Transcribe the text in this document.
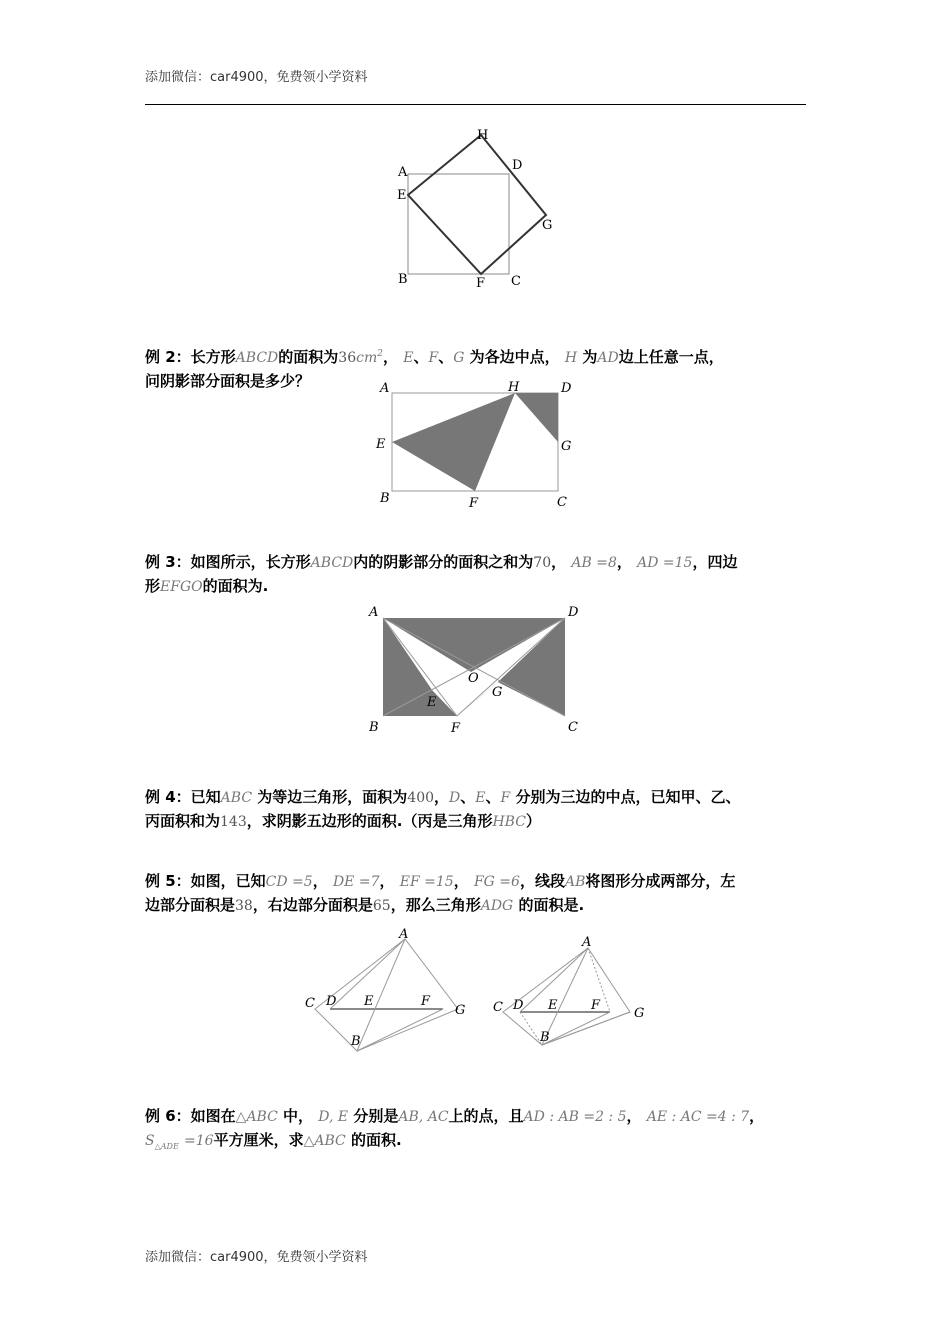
添加微信：car4900，免费领小学资料
A
E
B	F C
H
D
G
例 2：长方形ABCD的面积为$36cm^2$， E、F、G 为各边中点， H 为AD边上任意一点，
问阴影部分面积是多少？	A	H	D
E	G
B	F	C
例 3：如图所示，长方形ABCD内的阴影部分的面积之和为70， AB =8， AD =15，四边
形EFGO的面积为.
A	D
O
G
E
B	F	C
例 4：已知ABC 为等边三角形，面积为400，D、E、F 分别为三边的中点，已知甲、乙、
丙面积和为143，求阴影五边形的面积.（丙是三角形HBC）
例 5：如图，已知CD =5， DE =7， EF =15， FG =6，线段AB将图形分成两部分，左
边部分面积是38，右边部分面积是65，那么三角形ADG 的面积是.
A
C D E	F
G
B
A
C D E	F
G
B
例 6：如图在△ABC 中， D, E 分别是AB, AC上的点，且AD : AB =2 : 5， AE : AC =4 : 7，
$S_{\triangle ADE} =16$平方厘米，求△ABC 的面积.
添加微信：car4900，免费领小学资料
